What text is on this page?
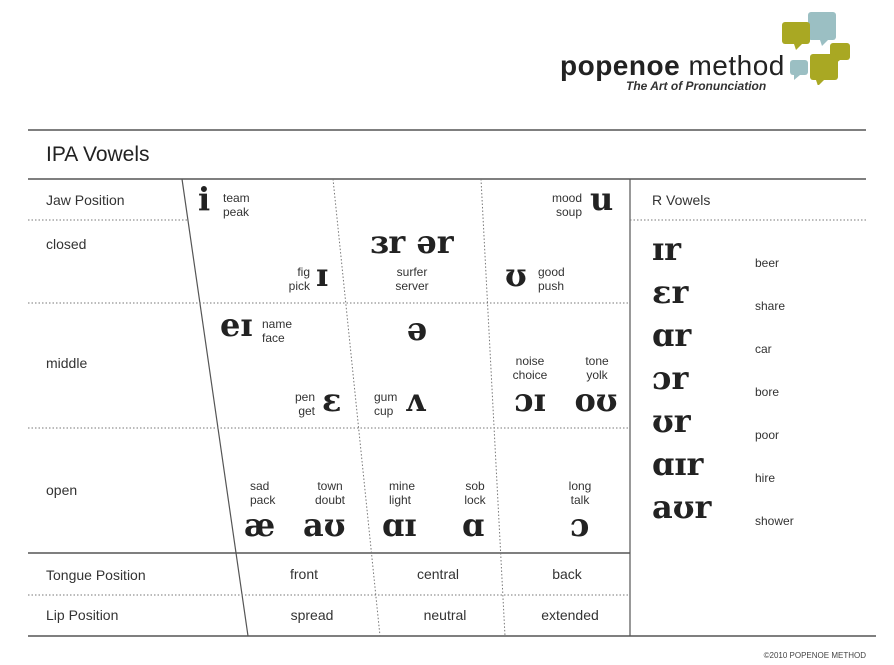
popenoe method
The Art of Pronunciation
IPA Vowels
Jaw Position
closed
middle
open
Tongue Position
Lip Position
front	central	back
spread	neutral	extended
i team
peak
mood
soup u
ɜr ər
surfer
server
fig
pick ɪ	ʊ good
push
eɪ name
face	ə
pen
get ɛ	gum
cup ʌ
noise
choice
ɔɪ
tone
yolk
oʊ
sad
pack
æ
town
doubt
aʊ
mine
light
ɑɪ
sob
lock
ɑ
long
talk
ɔ
R Vowels
ɪr	beer
ɛr	share
ɑr	car
ɔr	bore
ʊr	poor
ɑɪr	hire
aʊr	shower
©2010 POPENOE METHOD
